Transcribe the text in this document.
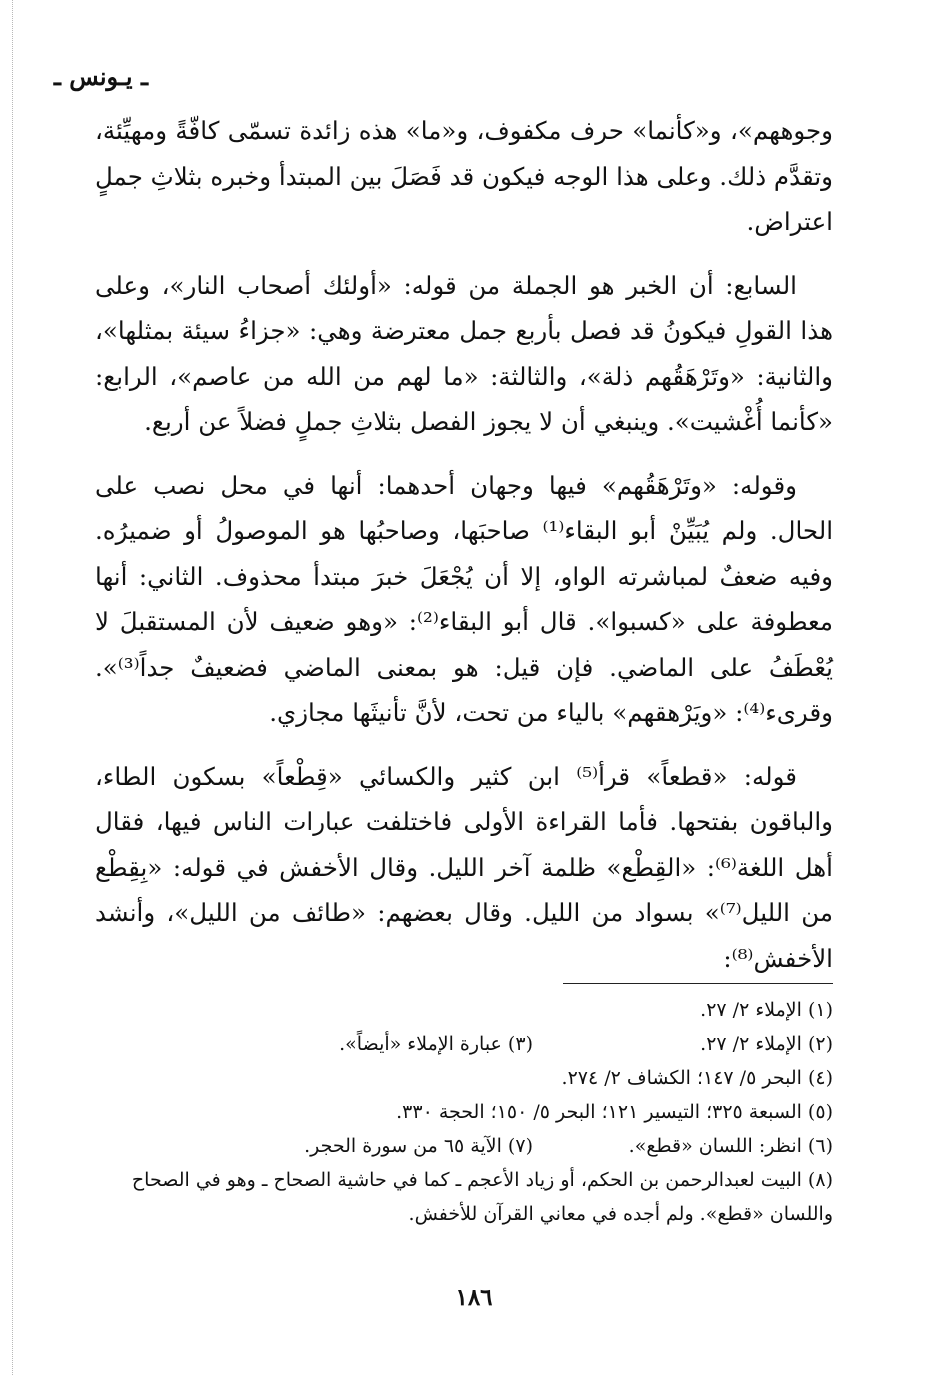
ـ يـونس ـ

وجوههم»، و«كأنما» حرف مكفوف، و«ما» هذه زائدة تسمّى كافّةً ومهيِّئة، وتقدَّم ذلك. وعلى هذا الوجه فيكون قد فَصَلَ بين المبتدأ وخبره بثلاثِ جملٍ اعتراض.

السابع: أن الخبر هو الجملة من قوله: «أولئك أصحاب النار»، وعلى هذا القولِ فيكونُ قد فصل بأربع جمل معترضة وهي: «جزاءُ سيئة بمثلها»، والثانية: «وتَرْهَقُهم ذلة»، والثالثة: «ما لهم من الله من عاصم»، الرابع: «كأنما أُغْشيت». وينبغي أن لا يجوز الفصل بثلاثِ جملٍ فضلاً عن أربع.

وقوله: «وتَرْهَقُهم» فيها وجهان أحدهما: أنها في محل نصب على الحال. ولم يُبَيِّنْ أبو البقاء⁽¹⁾ صاحبَها، وصاحبُها هو الموصولُ أو ضميرُه. وفيه ضعفٌ لمباشرته الواو، إلا أن يُجْعَلَ خبرَ مبتدأ محذوف. الثاني: أنها معطوفة على «كسبوا». قال أبو البقاء⁽²⁾: «وهو ضعيف لأن المستقبلَ لا يُعْطَفُ على الماضي. فإن قيل: هو بمعنى الماضي فضعيفٌ جداً⁽³⁾». وقرىء⁽⁴⁾: «ويَرْهقهم» بالياء من تحت، لأنَّ تأنيثَها مجازي.

قوله: «قطعاً» قرأ⁽⁵⁾ ابن كثير والكسائي «قِطْعاً» بسكون الطاء، والباقون بفتحها. فأما القراءة الأولى فاختلفت عبارات الناس فيها، فقال أهل اللغة⁽⁶⁾: «القِطْع» ظلمة آخر الليل. وقال الأخفش في قوله: «بِقِطْع من الليل⁽⁷⁾» بسواد من الليل. وقال بعضهم: «طائف من الليل»، وأنشد الأخفش⁽⁸⁾:

(١) الإملاء ٢/ ٢٧.
(٢) الإملاء ٢/ ٢٧.
(٣) عبارة الإملاء «أيضاً».
(٤) البحر ٥/ ١٤٧؛ الكشاف ٢/ ٢٧٤.
(٥) السبعة ٣٢٥؛ التيسير ١٢١؛ البحر ٥/ ١٥٠؛ الحجة ٣٣٠.
(٦) انظر: اللسان «قطع».
(٧) الآية ٦٥ من سورة الحجر.
(٨) البيت لعبدالرحمن بن الحكم، أو زياد الأعجم ـ كما في حاشية الصحاح ـ وهو في الصحاح واللسان «قطع». ولم أجده في معاني القرآن للأخفش.
١٨٦
